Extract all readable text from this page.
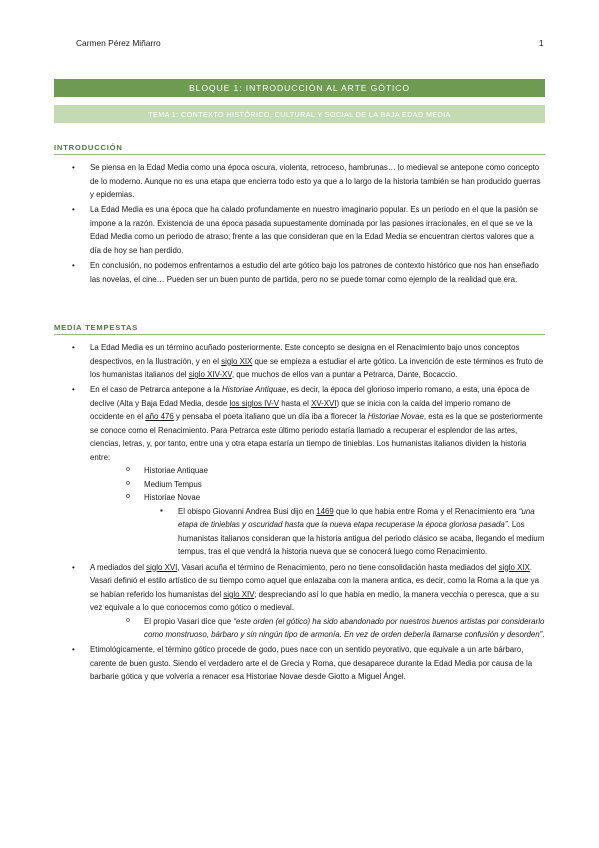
Carmen Pérez Miñarro	1
BLOQUE 1: INTRODUCCIÓN AL ARTE GÓTICO
TEMA 1: CONTEXTO HISTÓRICO, CULTURAL Y SOCIAL DE LA BAJA EDAD MEDIA
INTRODUCCIÓN
• Se piensa en la Edad Media como una época oscura, violenta, retroceso, hambrunas… lo medieval se antepone como concepto de lo moderno. Aunque no es una etapa que encierra todo esto ya que a lo largo de la historia también se han producido guerras y epidemias.
• La Edad Media es una época que ha calado profundamente en nuestro imaginario popular. Es un periodo en el que la pasión se impone a la razón. Existencia de una época pasada supuestamente dominada por las pasiones irracionales, en el que se ve la Edad Media como un periodo de atraso; frente a las que consideran que en la Edad Media se encuentran ciertos valores que a día de hoy se han perdido.
• En conclusión, no podemos enfrentarnos a estudio del arte gótico bajo los patrones de contexto histórico que nos han enseñado las novelas, el cine… Pueden ser un buen punto de partida, pero no se puede tomar como ejemplo de la realidad que era.
MEDIA TEMPESTAS
• La Edad Media es un término acuñado posteriormente. Este concepto se designa en el Renacimiento bajo unos conceptos despectivos, en la Ilustración, y en el siglo XIX que se empieza a estudiar el arte gótico. La invención de este términos es fruto de los humanistas italianos del siglo XIV-XV, que muchos de ellos van a puntar a Petrarca, Dante, Bocaccio.
• En el caso de Petrarca antepone a la Historiae Antiquae, es decir, la época del glorioso imperio romano, a esta, una época de declive (Alta y Baja Edad Media, desde los siglos IV-V hasta el XV-XVI) que se inicia con la caída del imperio romano de occidente en el año 476 y pensaba el poeta italiano que un día iba a florecer la Historiae Novae, esta es la que se posteriormente se conoce como el Renacimiento. Para Petrarca este último periodo estaría llamado a recuperar el esplendor de las artes, ciencias, letras, y, por tanto, entre una y otra etapa estaría un tiempo de tinieblas. Los humanistas italianos dividen la historia entre:
o Historiae Antiquae
o Medium Tempus
o Historiae Novae
▪ El obispo Giovanni Andrea Busi dijo en 1469 que lo que había entre Roma y el Renacimiento era “una etapa de tinieblas y oscuridad hasta que la nueva etapa recuperase la época gloriosa pasada”. Los humanistas italianos consideran que la historia antigua del periodo clásico se acaba, llegando el medium tempus, tras el que vendrá la historia nueva que se conocerá luego como Renacimiento.
• A mediados del siglo XVI, Vasari acuña el término de Renacimiento, pero no tiene consolidación hasta mediados del siglo XIX. Vasari definió el estilo artístico de su tiempo como aquel que enlazaba con la manera antica, es decir, como la Roma a la que ya se habían referido los humanistas del siglo XIV; despreciando así lo que había en medio, la manera vecchia o peresca, que a su vez equivale a lo que conocemos como gótico o medieval.
o El propio Vasari dice que “este orden (el gótico) ha sido abandonado por nuestros buenos artistas por considerarlo como monstruoso, bárbaro y sin ningún tipo de armonía. En vez de orden debería llamarse confusión y desorden”.
• Etimológicamente, el término gótico procede de godo, pues nace con un sentido peyorativo, que equivale a un arte bárbaro, carente de buen gusto. Siendo el verdadero arte el de Grecia y Roma, que desaparece durante la Edad Media por causa de la barbarie gótica y que volvería a renacer esa Historiae Novae desde Giotto a Miguel Ángel.
